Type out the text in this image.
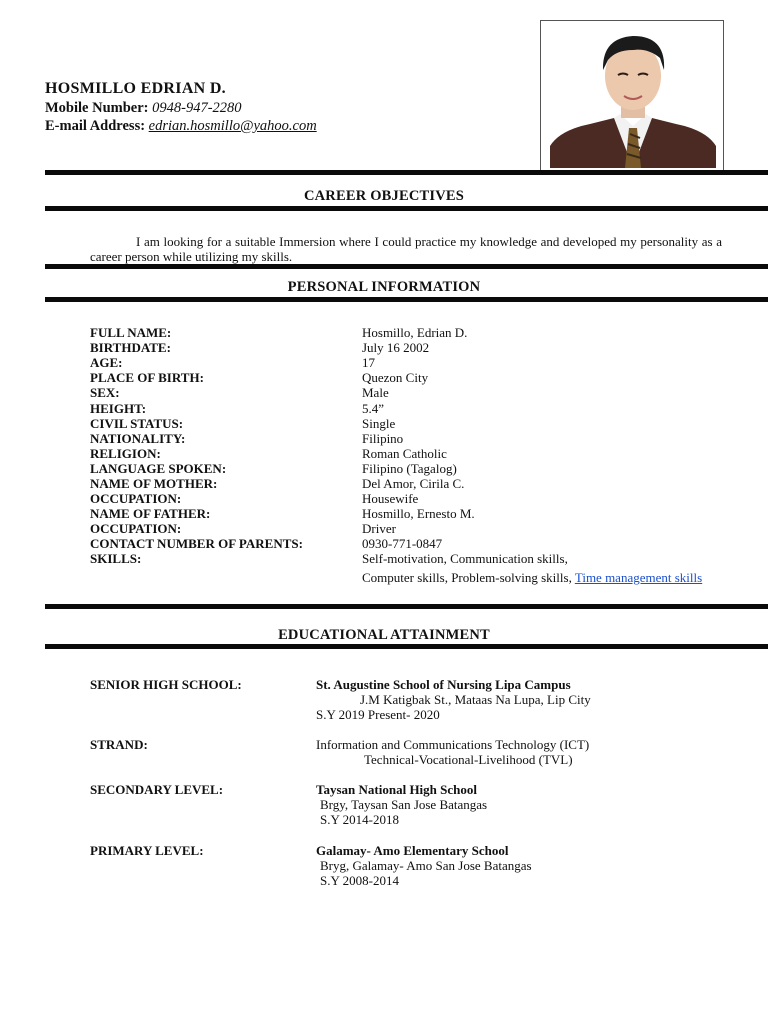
HOSMILLO EDRIAN D.
Mobile Number: 0948-947-2280
E-mail Address: edrian.hosmillo@yahoo.com
CAREER OBJECTIVES
I am looking for a suitable Immersion where I could practice my knowledge and developed my personality as a career person while utilizing my skills.
PERSONAL INFORMATION
FULL NAME:	Hosmillo, Edrian D.
BIRTHDATE:	July 16 2002
AGE:	17
PLACE OF BIRTH:	Quezon City
SEX:	Male
HEIGHT:	5.4”
CIVIL STATUS:	Single
NATIONALITY:	Filipino
RELIGION:	Roman Catholic
LANGUAGE SPOKEN:	Filipino (Tagalog)
NAME OF MOTHER:	Del Amor, Cirila C.
OCCUPATION:	Housewife
NAME OF FATHER:	Hosmillo, Ernesto M.
OCCUPATION:	Driver
CONTACT NUMBER OF PARENTS:	0930-771-0847
SKILLS:	Self-motivation, Communication skills,
Computer skills, Problem-solving skills, Time management skills
EDUCATIONAL ATTAINMENT
SENIOR HIGH SCHOOL:	St. Augustine School of Nursing Lipa Campus
J.M Katigbak St., Mataas Na Lupa, Lip City
S.Y 2019 Present- 2020
STRAND:	Information and Communications Technology (ICT)
Technical-Vocational-Livelihood (TVL)
SECONDARY LEVEL:	Taysan National High School
Brgy, Taysan San Jose Batangas
S.Y 2014-2018
PRIMARY LEVEL:	Galamay- Amo Elementary School
Bryg, Galamay- Amo San Jose Batangas
S.Y 2008-2014
